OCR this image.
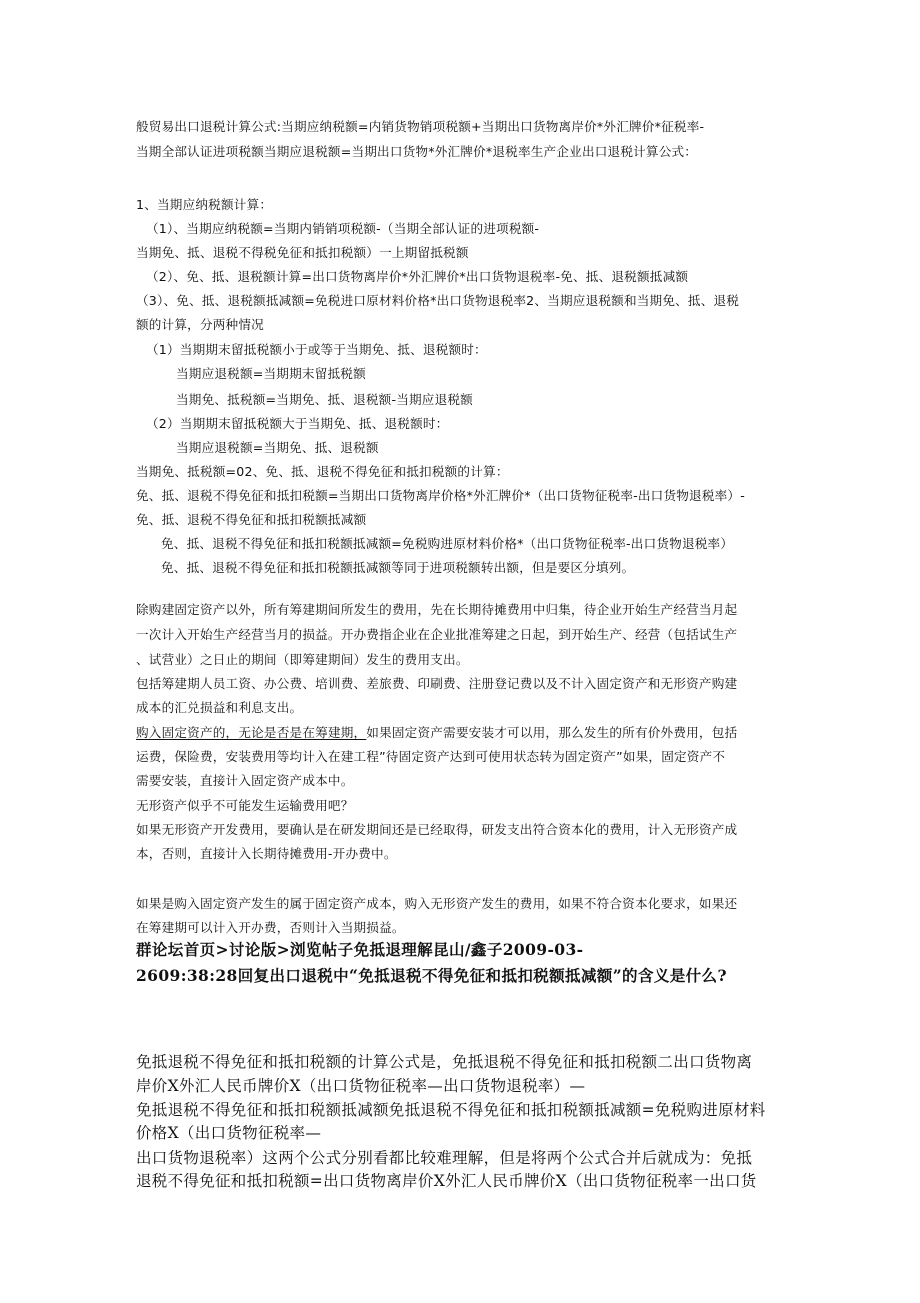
般贸易出口退税计算公式:当期应纳税额=内销货物销项税额+当期出口货物离岸价*外汇牌价*征税率-
当期全部认证进项税额当期应退税额=当期出口货物*外汇牌价*退税率生产企业出口退税计算公式：
1、当期应纳税额计算：
（1）、当期应纳税额=当期内销销项税额-（当期全部认证的进项税额-
当期免、抵、退税不得税免征和抵扣税额）一上期留抵税额
（2）、免、抵、退税额计算=出口货物离岸价*外汇牌价*出口货物退税率-免、抵、退税额抵减额
（3）、免、抵、退税额抵减额=免税进口原材料价格*出口货物退税率2、当期应退税额和当期免、抵、退税
额的计算，分两种情况
（1）当期期末留抵税额小于或等于当期免、抵、退税额时：
当期应退税额=当期期末留抵税额
当期免、抵税额=当期免、抵、退税额-当期应退税额
（2）当期期末留抵税额大于当期免、抵、退税额时：
当期应退税额=当期免、抵、退税额
当期免、抵税额=02、免、抵、退税不得免征和抵扣税额的计算：
免、抵、退税不得免征和抵扣税额=当期出口货物离岸价格*外汇牌价*（出口货物征税率-出口货物退税率）-
免、抵、退税不得免征和抵扣税额抵减额
免、抵、退税不得免征和抵扣税额抵减额=免税购进原材料价格*（出口货物征税率-出口货物退税率）
免、抵、退税不得免征和抵扣税额抵减额等同于进项税额转出额，但是要区分填列。
除购建固定资产以外，所有筹建期间所发生的费用，先在长期待摊费用中归集，待企业开始生产经营当月起
一次计入开始生产经营当月的损益。开办费指企业在企业批准筹建之日起，到开始生产、经营（包括试生产
、试营业）之日止的期间（即筹建期间）发生的费用支出。
包括筹建期人员工资、办公费、培训费、差旅费、印刷费、注册登记费以及不计入固定资产和无形资产购建
成本的汇兑损益和利息支出。
购入固定资产的，无论是否是在筹建期，如果固定资产需要安装才可以用，那么发生的所有价外费用，包括
运费，保险费，安装费用等均计入在建工程”待固定资产达到可使用状态转为固定资产”如果，固定资产不
需要安装，直接计入固定资产成本中。
无形资产似乎不可能发生运输费用吧？
如果无形资产开发费用，要确认是在研发期间还是已经取得，研发支出符合资本化的费用，计入无形资产成
本，否则，直接计入长期待摊费用-开办费中。
如果是购入固定资产发生的属于固定资产成本，购入无形资产发生的费用，如果不符合资本化要求，如果还
在筹建期可以计入开办费，否则计入当期损益。
群论坛首页>讨论版>浏览帖子免抵退理解昆山/鑫子2009-03-
2609:38:28回复出口退税中“免抵退税不得免征和抵扣税额抵减额”的含义是什么?
免抵退税不得免征和抵扣税额的计算公式是，免抵退税不得免征和抵扣税额二出口货物离
岸价X外汇人民币牌价X（出口货物征税率—出口货物退税率）—
免抵退税不得免征和抵扣税额抵减额免抵退税不得免征和抵扣税额抵减额=免税购进原材料
价格X（出口货物征税率—
出口货物退税率）这两个公式分别看都比较难理解，但是将两个公式合并后就成为：免抵
退税不得免征和抵扣税额=出口货物离岸价X外汇人民币牌价X（出口货物征税率一出口货
